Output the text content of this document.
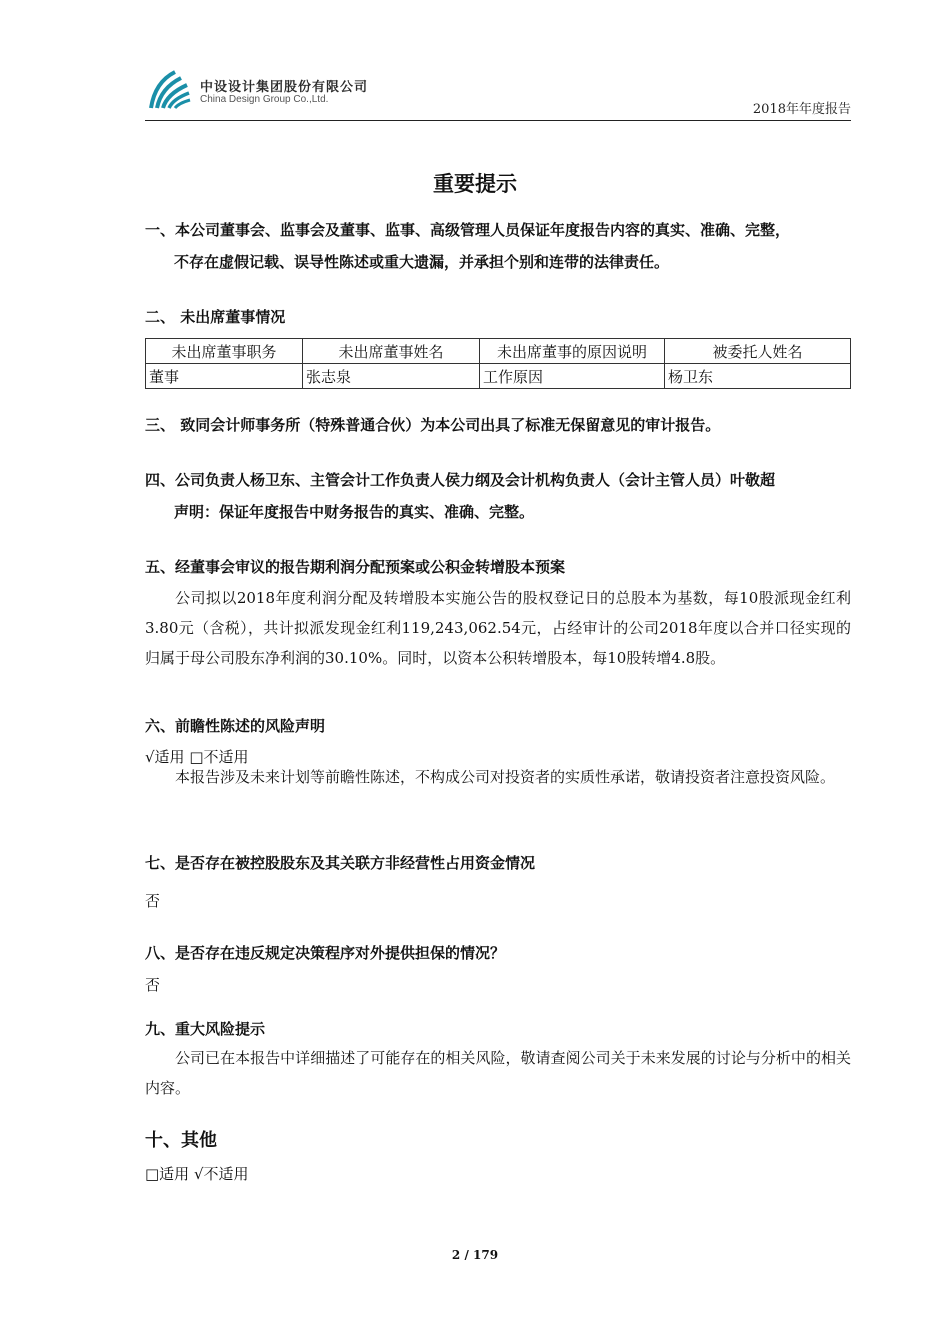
中设设计集团股份有限公司
China Design Group Co.,Ltd.
2018年年度报告
重要提示
一、本公司董事会、监事会及董事、监事、高级管理人员保证年度报告内容的真实、准确、完整，
不存在虚假记载、误导性陈述或重大遗漏，并承担个别和连带的法律责任。
二、 未出席董事情况
未出席董事职务	未出席董事姓名	未出席董事的原因说明	被委托人姓名
董事	张志泉	工作原因	杨卫东
三、 致同会计师事务所（特殊普通合伙）为本公司出具了标准无保留意见的审计报告。
四、公司负责人杨卫东、主管会计工作负责人侯力纲及会计机构负责人（会计主管人员）叶敬超
声明：保证年度报告中财务报告的真实、准确、完整。
五、经董事会审议的报告期利润分配预案或公积金转增股本预案
公司拟以2018年度利润分配及转增股本实施公告的股权登记日的总股本为基数，每10股派现金红利3.80元（含税），共计拟派发现金红利119,243,062.54元，占经审计的公司2018年度以合并口径实现的归属于母公司股东净利润的30.10%。同时，以资本公积转增股本，每10股转增4.8股。
六、前瞻性陈述的风险声明
√适用 □不适用
本报告涉及未来计划等前瞻性陈述，不构成公司对投资者的实质性承诺，敬请投资者注意投资风险。
七、是否存在被控股股东及其关联方非经营性占用资金情况
否
八、是否存在违反规定决策程序对外提供担保的情况？
否
九、重大风险提示
公司已在本报告中详细描述了可能存在的相关风险，敬请查阅公司关于未来发展的讨论与分析中的相关内容。
十、其他
□适用 √不适用
2 / 179
